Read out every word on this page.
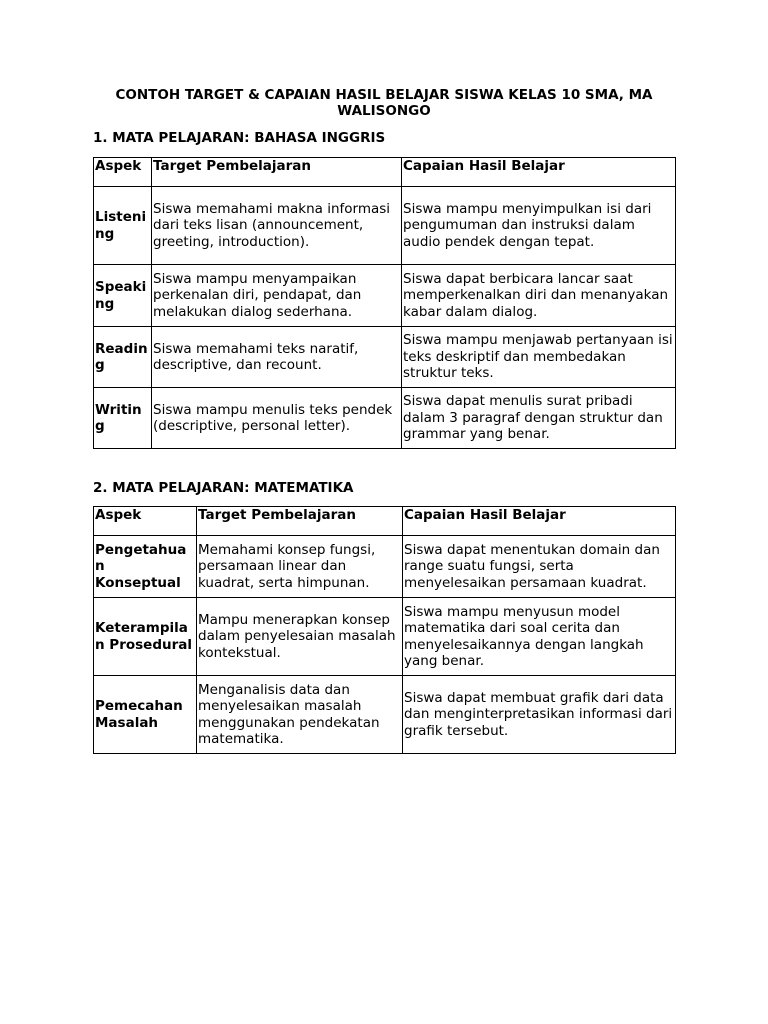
CONTOH TARGET & CAPAIAN HASIL BELAJAR SISWA KELAS 10 SMA, MA WALISONGO
1. MATA PELAJARAN: BAHASA INGGRIS
Aspek	Target Pembelajaran	Capaian Hasil Belajar
Listening	Siswa memahami makna informasi dari teks lisan (announcement, greeting, introduction).	Siswa mampu menyimpulkan isi dari pengumuman dan instruksi dalam audio pendek dengan tepat.
Speaking	Siswa mampu menyampaikan perkenalan diri, pendapat, dan melakukan dialog sederhana.	Siswa dapat berbicara lancar saat memperkenalkan diri dan menanyakan kabar dalam dialog.
Reading	Siswa memahami teks naratif, descriptive, dan recount.	Siswa mampu menjawab pertanyaan isi teks deskriptif dan membedakan struktur teks.
Writing	Siswa mampu menulis teks pendek (descriptive, personal letter).	Siswa dapat menulis surat pribadi dalam 3 paragraf dengan struktur dan grammar yang benar.
2. MATA PELAJARAN: MATEMATIKA
Aspek	Target Pembelajaran	Capaian Hasil Belajar
Pengetahuan Konseptual	Memahami konsep fungsi, persamaan linear dan kuadrat, serta himpunan.	Siswa dapat menentukan domain dan range suatu fungsi, serta menyelesaikan persamaan kuadrat.
Keterampilan Prosedural	Mampu menerapkan konsep dalam penyelesaian masalah kontekstual.	Siswa mampu menyusun model matematika dari soal cerita dan menyelesaikannya dengan langkah yang benar.
Pemecahan Masalah	Menganalisis data dan menyelesaikan masalah menggunakan pendekatan matematika.	Siswa dapat membuat grafik dari data dan menginterpretasikan informasi dari grafik tersebut.
